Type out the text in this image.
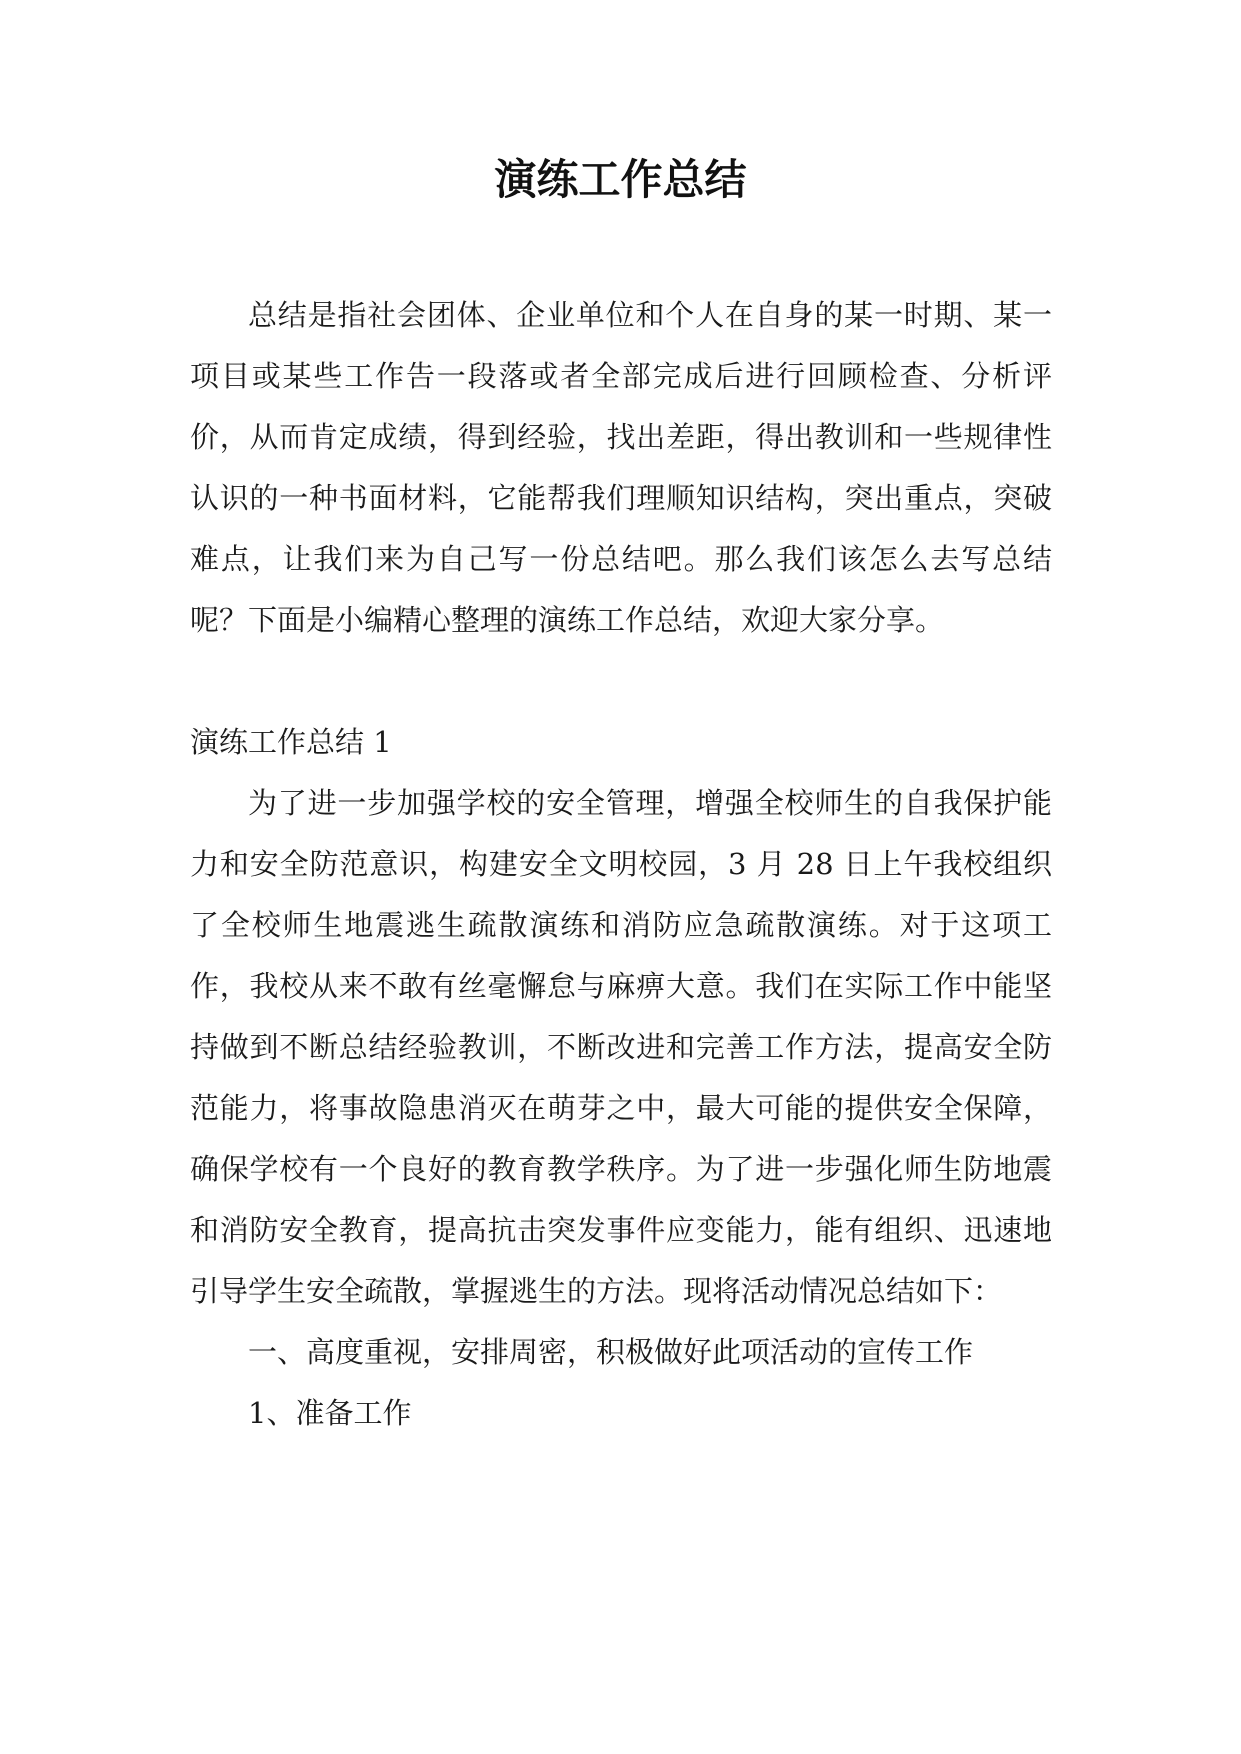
演练工作总结

总结是指社会团体、企业单位和个人在自身的某一时期、某一项目或某些工作告一段落或者全部完成后进行回顾检查、分析评价，从而肯定成绩，得到经验，找出差距，得出教训和一些规律性认识的一种书面材料，它能帮我们理顺知识结构，突出重点，突破难点，让我们来为自己写一份总结吧。那么我们该怎么去写总结呢？下面是小编精心整理的演练工作总结，欢迎大家分享。

演练工作总结 1

为了进一步加强学校的安全管理，增强全校师生的自我保护能力和安全防范意识，构建安全文明校园，3 月 28 日上午我校组织了全校师生地震逃生疏散演练和消防应急疏散演练。对于这项工作，我校从来不敢有丝毫懈怠与麻痹大意。我们在实际工作中能坚持做到不断总结经验教训，不断改进和完善工作方法，提高安全防范能力，将事故隐患消灭在萌芽之中，最大可能的提供安全保障，确保学校有一个良好的教育教学秩序。为了进一步强化师生防地震和消防安全教育，提高抗击突发事件应变能力，能有组织、迅速地引导学生安全疏散，掌握逃生的方法。现将活动情况总结如下：

一、高度重视，安排周密，积极做好此项活动的宣传工作

1、准备工作
